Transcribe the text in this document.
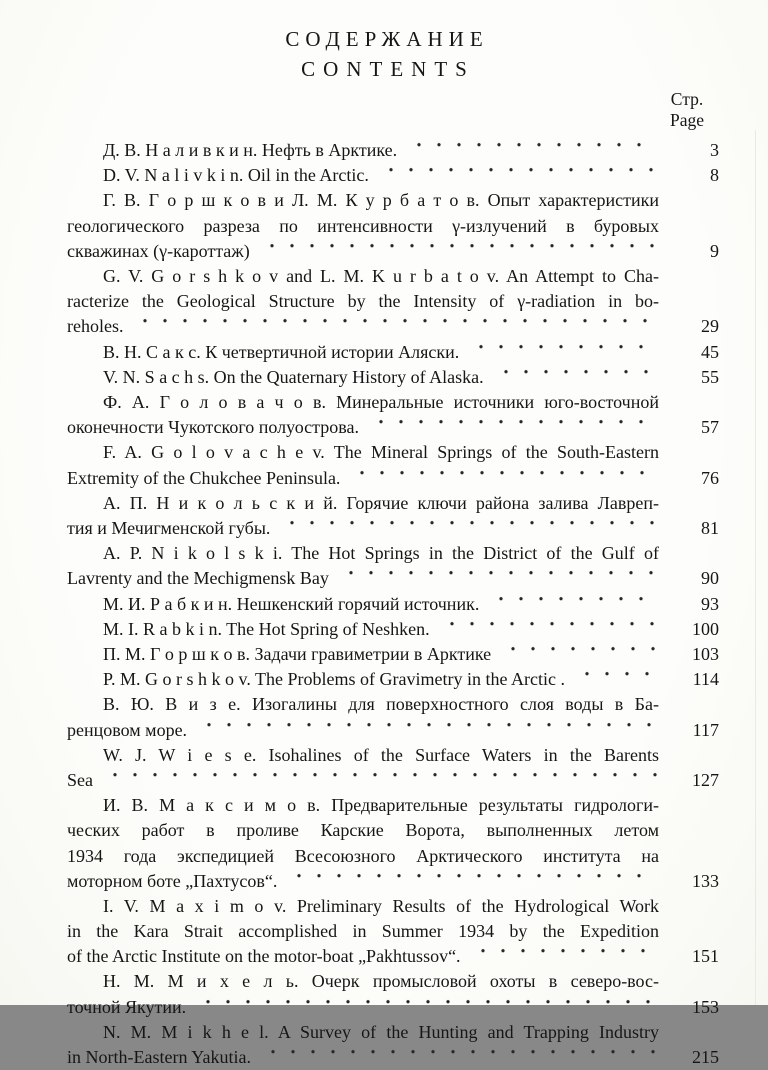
СОДЕРЖАНИЕ
CONTENTS
Стр.
Page
Д. В. Н а л и в к и н. Нефть в Арктике.	3
D. V. N a l i v k i n. Oil in the Arctic.	8
Г. В. Г о р ш к о в и Л. М. К у р б а т о в. Опыт характеристики
геологического разреза по интенсивности γ-излучений в буровых
скважинах (γ-кароттаж)	9
G. V. G o r s h k o v and L. M. K u r b a t o v. An Attempt to Cha-
racterize the Geological Structure by the Intensity of γ-radiation in bo-
reholes.	29
В. Н. С а к с. К четвертичной истории Аляски.	45
V. N. S a c h s. On the Quaternary History of Alaska.	55
Ф. А. Г о л о в а ч о в. Минеральные источники юго-восточной
оконечности Чукотского полуострова.	57
F. A. G o l o v a c h e v. The Mineral Springs of the South-Eastern
Extremity of the Chukchee Peninsula.	76
А. П. Н и к о л ь с к и й. Горячие ключи района залива Лавреп-
тия и Мечигменской губы.	81
A. P. N i k o l s k i. The Hot Springs in the District of the Gulf of
Lavrenty and the Mechigmensk Bay	90
М. И. Р а б к и н. Нешкенский горячий источник.	93
M. I. R a b k i n. The Hot Spring of Neshken.	100
П. М. Г о р ш к о в. Задачи гравиметрии в Арктике	103
P. M. G o r s h k o v. The Problems of Gravimetry in the Arctic .	114
В. Ю. В и з е. Изогалины для поверхностного слоя воды в Ба-
ренцовом море.	117
W. J. W i e s e. Isohalines of the Surface Waters in the Barents
Sea	127
И. В. М а к с и м о в. Предварительные результаты гидрологи-
ческих работ в проливе Карские Ворота, выполненных летом
1934 года экспедицией Всесоюзного Арктического института на
моторном боте „Пахтусов“.	133
I. V. M a x i m o v. Preliminary Results of the Hydrological Work
in the Kara Strait accomplished in Summer 1934 by the Expedition
of the Arctic Institute on the motor-boat „Pakhtussov“.	151
Н. М. М и х е л ь. Очерк промысловой охоты в северо-вос-
точной Якутии.	153
N. M. M i k h e l. A Survey of the Hunting and Trapping Industry
in North-Eastern Yakutia.	215
